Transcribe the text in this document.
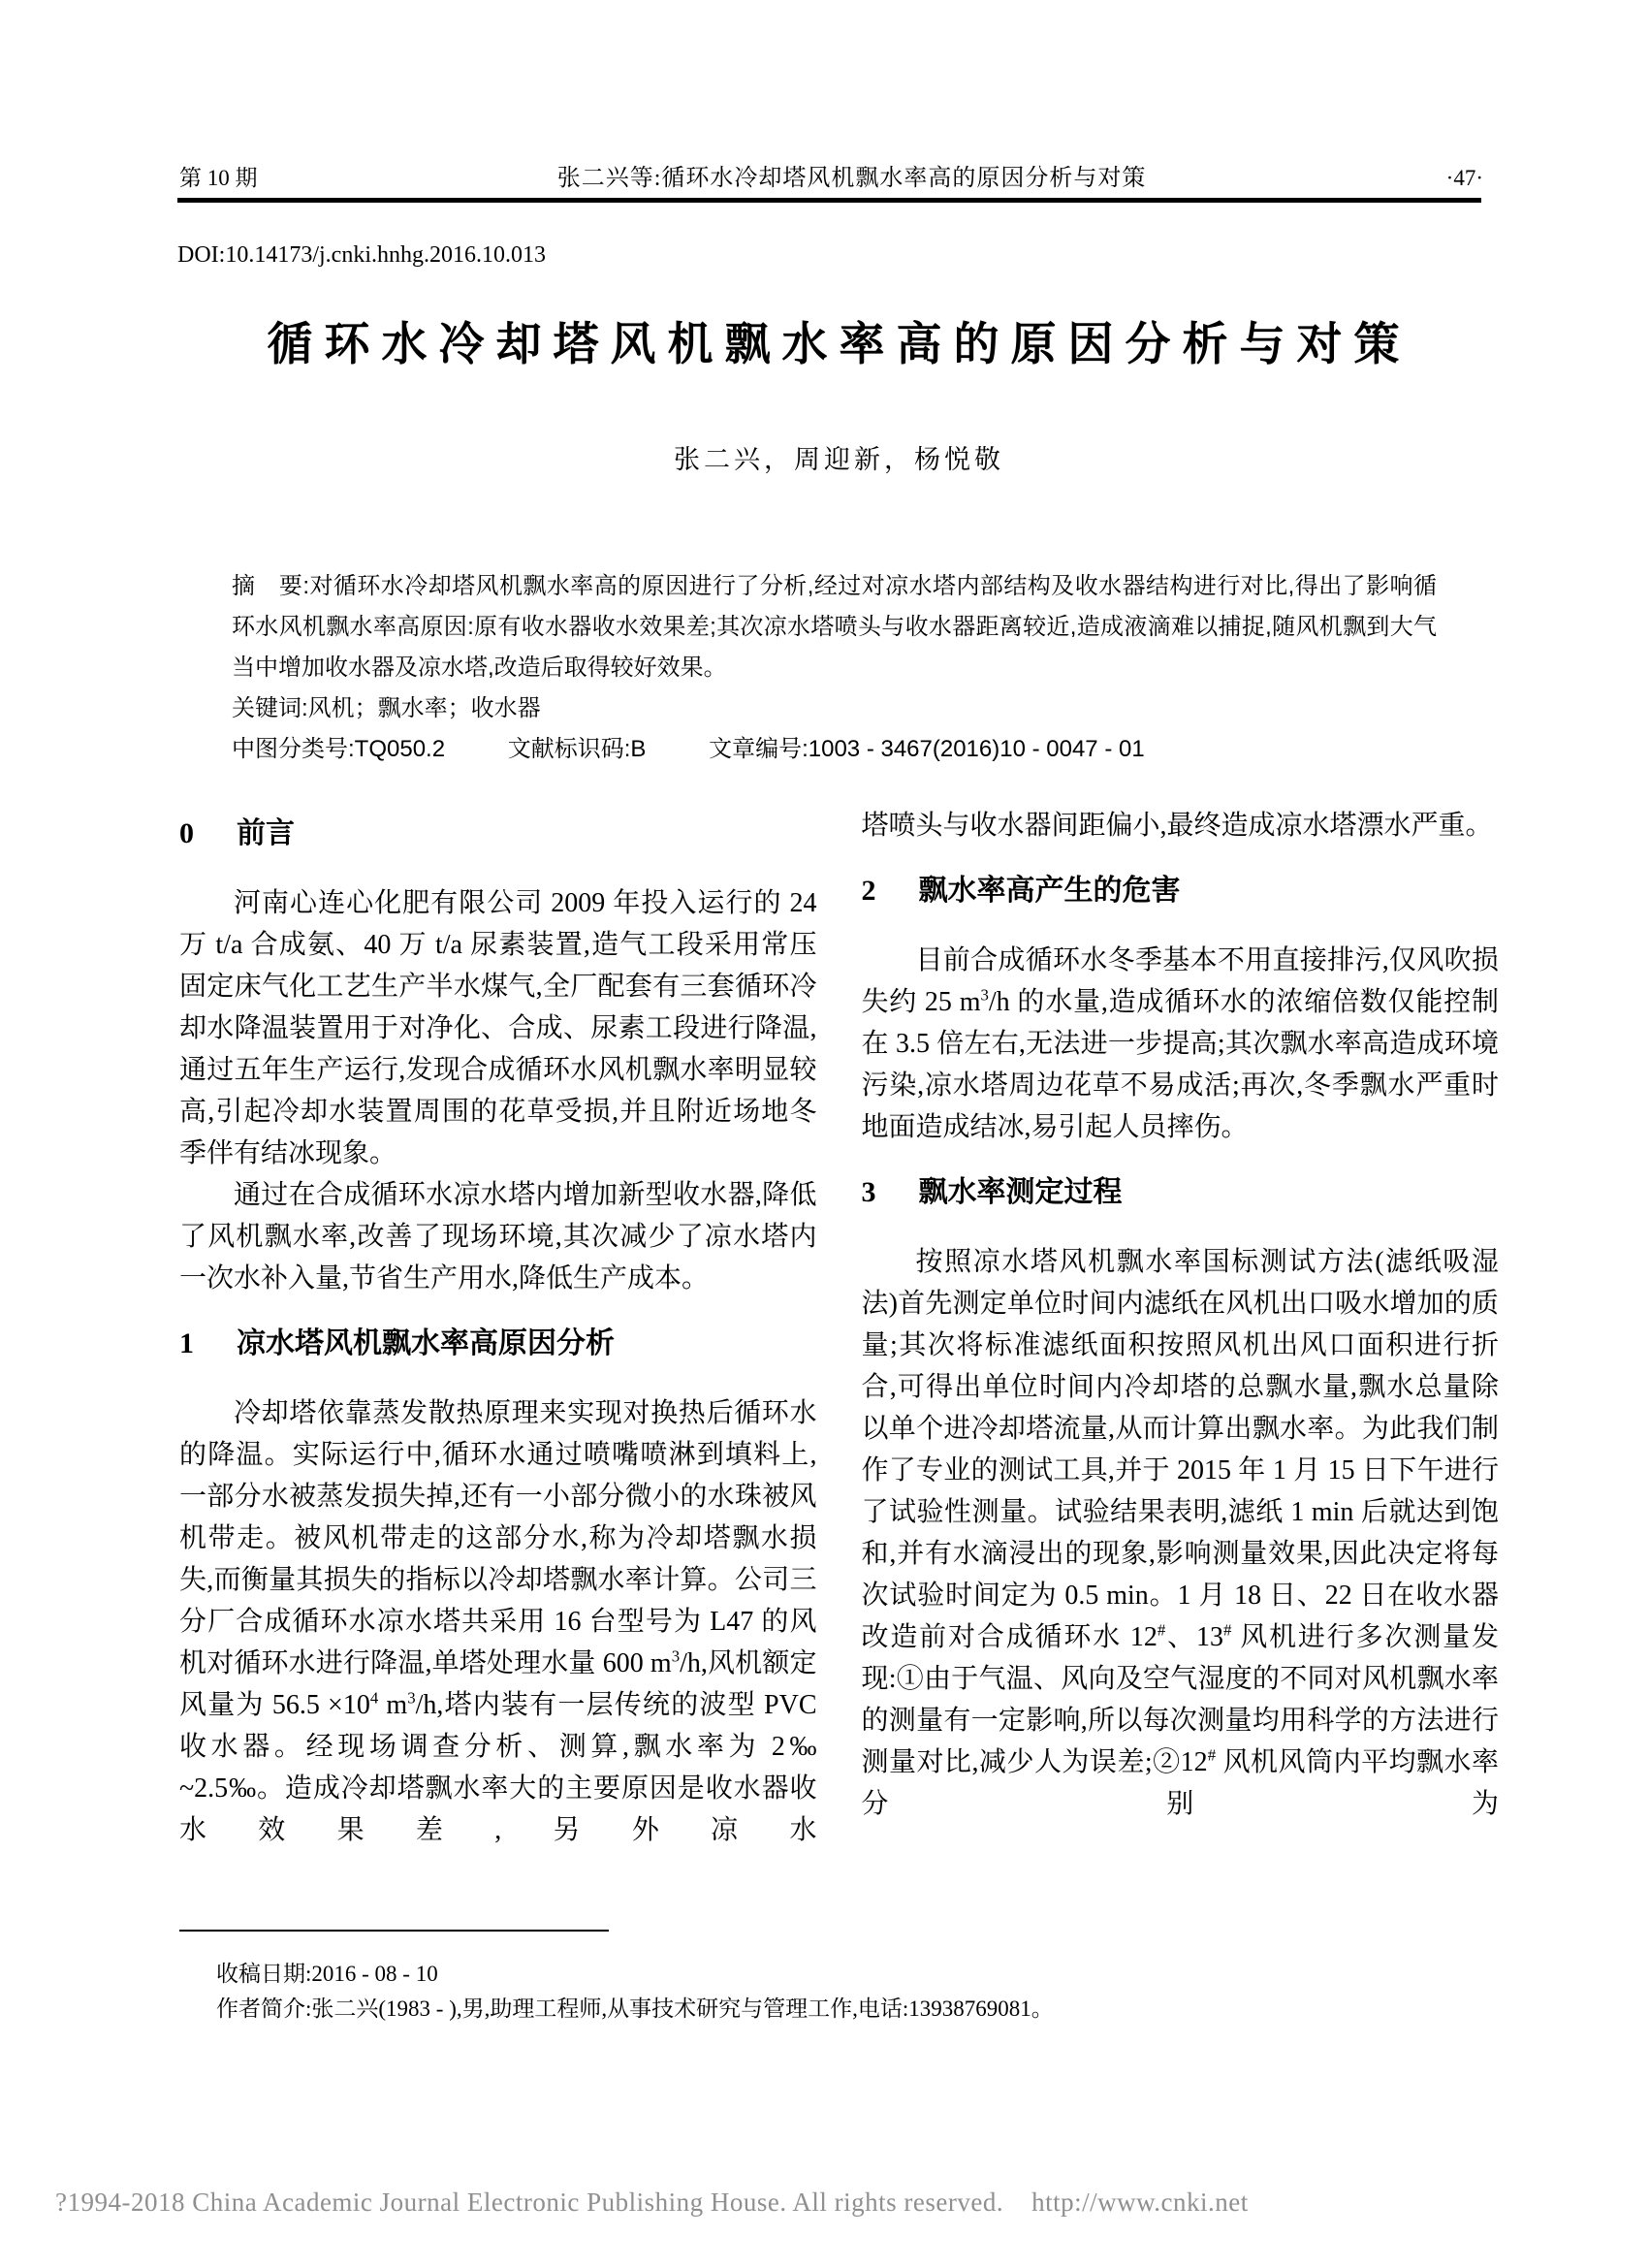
第 10 期	张二兴等:循环水冷却塔风机飘水率高的原因分析与对策	·47·
DOI:10.14173/j.cnki.hnhg.2016.10.013
循环水冷却塔风机飘水率高的原因分析与对策
张二兴，周迎新，杨悦敬

摘　要:对循环水冷却塔风机飘水率高的原因进行了分析,经过对凉水塔内部结构及收水器结构进行对比,得出了影响循环水风机飘水率高原因:原有收水器收水效果差;其次凉水塔喷头与收水器距离较近,造成液滴难以捕捉,随风机飘到大气当中增加收水器及凉水塔,改造后取得较好效果。

关键词:风机；飘水率；收水器

中图分类号:TQ050.2	文献标识码:B	文章编号:1003 - 3467(2016)10 - 0047 - 01

0 前言

河南心连心化肥有限公司 2009 年投入运行的 24 万 t/a 合成氨、40 万 t/a 尿素装置,造气工段采用常压固定床气化工艺生产半水煤气,全厂配套有三套循环冷却水降温装置用于对净化、合成、尿素工段进行降温,通过五年生产运行,发现合成循环水风机飘水率明显较高,引起冷却水装置周围的花草受损,并且附近场地冬季伴有结冰现象。

通过在合成循环水凉水塔内增加新型收水器,降低了风机飘水率,改善了现场环境,其次减少了凉水塔内一次水补入量,节省生产用水,降低生产成本。

1 凉水塔风机飘水率高原因分析

冷却塔依靠蒸发散热原理来实现对换热后循环水的降温。实际运行中,循环水通过喷嘴喷淋到填料上,一部分水被蒸发损失掉,还有一小部分微小的水珠被风机带走。被风机带走的这部分水,称为冷却塔飘水损失,而衡量其损失的指标以冷却塔飘水率计算。公司三分厂合成循环水凉水塔共采用 16 台型号为 L47 的风机对循环水进行降温,单塔处理水量 600 $m^3/h$,风机额定风量为 $56.5 \times 10^4$ $m^3/h$,塔内装有一层传统的波型 PVC 收水器。经现场调查分析、测算,飘水率为 2‰ ~2.5‰。造成冷却塔飘水率大的主要原因是收水器收水效果差,另外凉水

塔喷头与收水器间距偏小,最终造成凉水塔漂水严重。

2 飘水率高产生的危害

目前合成循环水冬季基本不用直接排污,仅风吹损失约 25 $m^3/h$ 的水量,造成循环水的浓缩倍数仅能控制在 3.5 倍左右,无法进一步提高;其次飘水率高造成环境污染,凉水塔周边花草不易成活;再次,冬季飘水严重时地面造成结冰,易引起人员摔伤。

3 飘水率测定过程

按照凉水塔风机飘水率国标测试方法(滤纸吸湿法)首先测定单位时间内滤纸在风机出口吸水增加的质量;其次将标准滤纸面积按照风机出风口面积进行折合,可得出单位时间内冷却塔的总飘水量,飘水总量除以单个进冷却塔流量,从而计算出飘水率。为此我们制作了专业的测试工具,并于 2015 年 1 月 15 日下午进行了试验性测量。试验结果表明,滤纸 1 min 后就达到饱和,并有水滴浸出的现象,影响测量效果,因此决定将每次试验时间定为 0.5 min。1 月 18 日、22 日在收水器改造前对合成循环水 12#、13# 风机进行多次测量发现:①由于气温、风向及空气湿度的不同对风机飘水率的测量有一定影响,所以每次测量均用科学的方法进行测量对比,减少人为误差;②12# 风机风筒内平均飘水率分别为

收稿日期:2016 - 08 - 10

作者简介:张二兴(1983 - ),男,助理工程师,从事技术研究与管理工作,电话:13938769081。

?1994-2018 China Academic Journal Electronic Publishing House. All rights reserved.    http://www.cnki.net
